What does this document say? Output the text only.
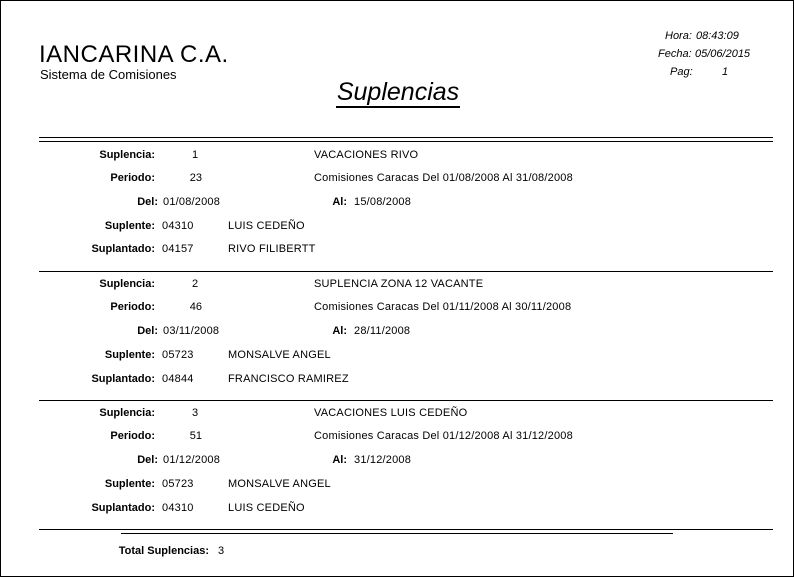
IANCARINA C.A.
Sistema de Comisiones
Suplencias
Hora: 08:43:09
Fecha: 05/06/2015
Pag:	1
Suplencia:	1	VACACIONES RIVO
Periodo:	23	Comisiones Caracas Del 01/08/2008 Al 31/08/2008
Del: 01/08/2008	Al: 15/08/2008
Suplente: 04310	LUIS CEDEÑO
Suplantado: 04157	RIVO FILIBERTT
Suplencia:	2	SUPLENCIA ZONA 12 VACANTE
Periodo:	46	Comisiones Caracas Del 01/11/2008 Al 30/11/2008
Del: 03/11/2008	Al: 28/11/2008
Suplente: 05723	MONSALVE ANGEL
Suplantado: 04844	FRANCISCO RAMIREZ
Suplencia:	3	VACACIONES LUIS CEDEÑO
Periodo:	51	Comisiones Caracas Del 01/12/2008 Al 31/12/2008
Del: 01/12/2008	Al: 31/12/2008
Suplente: 05723	MONSALVE ANGEL
Suplantado: 04310	LUIS CEDEÑO
Total Suplencias: 3
